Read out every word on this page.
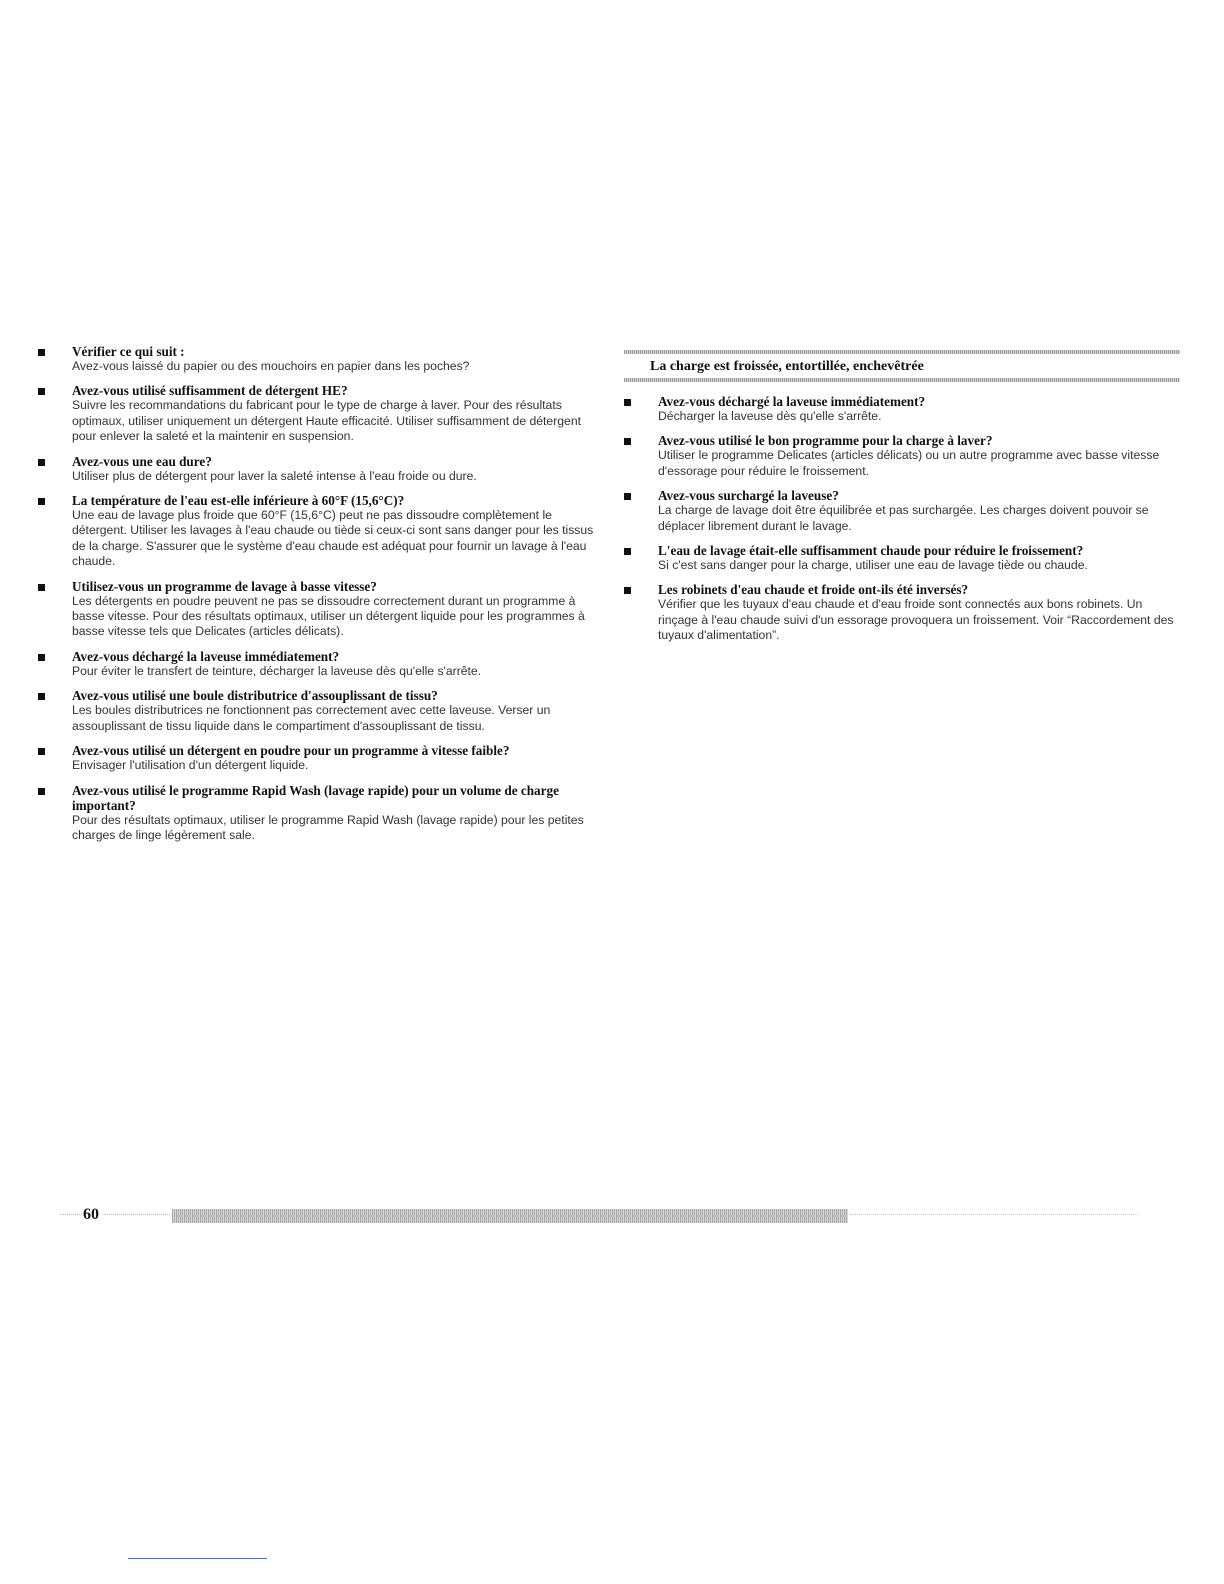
Vérifier ce qui suit :
Avez-vous laissé du papier ou des mouchoirs en papier dans les poches?
Avez-vous utilisé suffisamment de détergent HE?
Suivre les recommandations du fabricant pour le type de charge à laver. Pour des résultats optimaux, utiliser uniquement un détergent Haute efficacité. Utiliser suffisamment de détergent pour enlever la saleté et la maintenir en suspension.
Avez-vous une eau dure?
Utiliser plus de détergent pour laver la saleté intense à l'eau froide ou dure.
La température de l'eau est-elle inférieure à 60°F (15,6°C)?
Une eau de lavage plus froide que 60°F (15,6°C) peut ne pas dissoudre complètement le détergent. Utiliser les lavages à l'eau chaude ou tiède si ceux-ci sont sans danger pour les tissus de la charge. S'assurer que le système d'eau chaude est adéquat pour fournir un lavage à l'eau chaude.
Utilisez-vous un programme de lavage à basse vitesse?
Les détergents en poudre peuvent ne pas se dissoudre correctement durant un programme à basse vitesse. Pour des résultats optimaux, utiliser un détergent liquide pour les programmes à basse vitesse tels que Delicates (articles délicats).
Avez-vous déchargé la laveuse immédiatement?
Pour éviter le transfert de teinture, décharger la laveuse dès qu'elle s'arrête.
Avez-vous utilisé une boule distributrice d'assouplissant de tissu?
Les boules distributrices ne fonctionnent pas correctement avec cette laveuse. Verser un assouplissant de tissu liquide dans le compartiment d'assouplissant de tissu.
Avez-vous utilisé un détergent en poudre pour un programme à vitesse faible?
Envisager l'utilisation d'un détergent liquide.
Avez-vous utilisé le programme Rapid Wash (lavage rapide) pour un volume de charge important?
Pour des résultats optimaux, utiliser le programme Rapid Wash (lavage rapide) pour les petites charges de linge légèrement sale.
La charge est froissée, entortillée, enchevêtrée
Avez-vous déchargé la laveuse immédiatement?
Décharger la laveuse dès qu'elle s'arrête.
Avez-vous utilisé le bon programme pour la charge à laver?
Utiliser le programme Delicates (articles délicats) ou un autre programme avec basse vitesse d'essorage pour réduire le froissement.
Avez-vous surchargé la laveuse?
La charge de lavage doit être équilibrée et pas surchargée. Les charges doivent pouvoir se déplacer librement durant le lavage.
L'eau de lavage était-elle suffisamment chaude pour réduire le froissement?
Si c'est sans danger pour la charge, utiliser une eau de lavage tiède ou chaude.
Les robinets d'eau chaude et froide ont-ils été inversés?
Vérifier que les tuyaux d'eau chaude et d'eau froide sont connectés aux bons robinets. Un rinçage à l'eau chaude suivi d'un essorage provoquera un froissement. Voir “Raccordement des tuyaux d'alimentation”.
60
